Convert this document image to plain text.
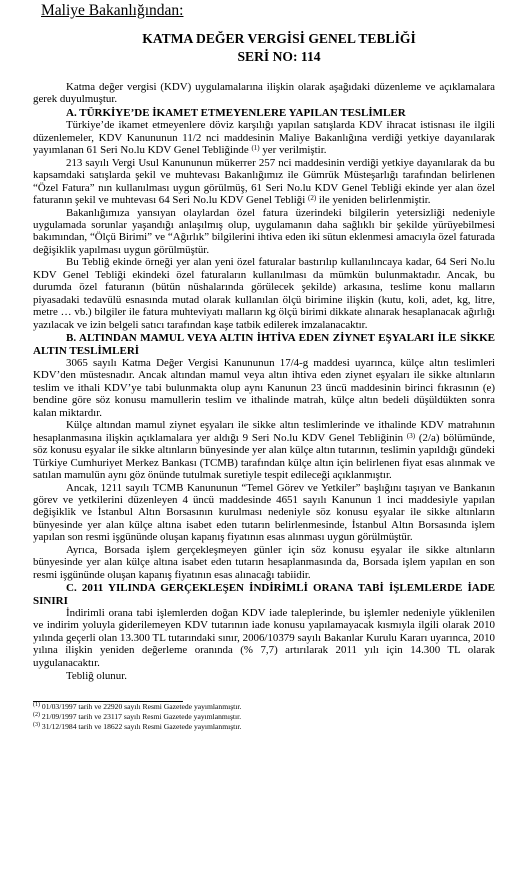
Maliye Bakanlığından:
KATMA DEĞER VERGİSİ GENEL TEBLİĞİ
SERİ NO: 114

Katma değer vergisi (KDV) uygulamalarına ilişkin olarak aşağıdaki düzenleme ve açıklamalara gerek duyulmuştur.

A. TÜRKİYE’DE İKAMET ETMEYENLERE YAPILAN TESLİMLER

Türkiye’de ikamet etmeyenlere döviz karşılığı yapılan satışlarda KDV ihracat istisnası ile ilgili düzenlemeler, KDV Kanununun 11/2 nci maddesinin Maliye Bakanlığına verdiği yetkiye dayanılarak yayımlanan 61 Seri No.lu KDV Genel Tebliğinde $^{(1)}$ yer verilmiştir.

213 sayılı Vergi Usul Kanununun mükerrer 257 nci maddesinin verdiği yetkiye dayanılarak da bu kapsamdaki satışlarda şekil ve muhtevası Bakanlığımız ile Gümrük Müsteşarlığı tarafından belirlenen “Özel Fatura” nın kullanılması uygun görülmüş, 61 Seri No.lu KDV Genel Tebliği ekinde yer alan özel faturanın şekil ve muhtevası 64 Seri No.lu KDV Genel Tebliği $^{(2)}$ ile yeniden belirlenmiştir.

Bakanlığımıza yansıyan olaylardan özel fatura üzerindeki bilgilerin yetersizliği nedeniyle uygulamada sorunlar yaşandığı anlaşılmış olup, uygulamanın daha sağlıklı bir şekilde yürüyebilmesi bakımından, “Ölçü Birimi” ve “Ağırlık” bilgilerini ihtiva eden iki sütun eklenmesi amacıyla özel faturada değişiklik yapılması uygun görülmüştür.

Bu Tebliğ ekinde örneği yer alan yeni özel faturalar bastırılıp kullanılıncaya kadar, 64 Seri No.lu KDV Genel Tebliği ekindeki özel faturaların kullanılması da mümkün bulunmaktadır. Ancak, bu durumda özel faturanın (bütün nüshalarında görülecek şekilde) arkasına, teslime konu malların piyasadaki tedavülü esnasında mutad olarak kullanılan ölçü birimine ilişkin (kutu, koli, adet, kg, litre, metre … vb.) bilgiler ile fatura muhteviyatı malların kg ölçü birimi dikkate alınarak hesaplanacak ağırlığı yazılacak ve izin belgeli satıcı tarafından kaşe tatbik edilerek imzalanacaktır.

B. ALTINDAN MAMUL VEYA ALTIN İHTİVA EDEN ZİYNET EŞYALARI İLE SİKKE ALTIN TESLİMLERİ

3065 sayılı Katma Değer Vergisi Kanununun 17/4-g maddesi uyarınca, külçe altın teslimleri KDV’den müstesnadır. Ancak altından mamul veya altın ihtiva eden ziynet eşyaları ile sikke altınların teslim ve ithali KDV’ye tabi bulunmakta olup aynı Kanunun 23 üncü maddesinin birinci fıkrasının (e) bendine göre söz konusu mamullerin teslim ve ithalinde matrah, külçe altın bedeli düşüldükten sonra kalan miktardır.

Külçe altından mamul ziynet eşyaları ile sikke altın teslimlerinde ve ithalinde KDV matrahının hesaplanmasına ilişkin açıklamalara yer aldığı 9 Seri No.lu KDV Genel Tebliğinin $^{(3)}$ (2/a) bölümünde, söz konusu eşyalar ile sikke altınların bünyesinde yer alan külçe altın tutarının, teslimin yapıldığı gündeki Türkiye Cumhuriyet Merkez Bankası (TCMB) tarafından külçe altın için belirlenen fiyat esas alınmak ve satılan mamulün aynı göz önünde tutulmak suretiyle tespit edileceği açıklanmıştır.

Ancak, 1211 sayılı TCMB Kanununun “Temel Görev ve Yetkiler” başlığını taşıyan ve Bankanın görev ve yetkilerini düzenleyen 4 üncü maddesinde 4651 sayılı Kanunun 1 inci maddesiyle yapılan değişiklik ve İstanbul Altın Borsasının kurulması nedeniyle söz konusu eşyalar ile sikke altınların bünyesinde yer alan külçe altına isabet eden tutarın belirlenmesinde, İstanbul Altın Borsasında işlem yapılan son resmi işgününde oluşan kapanış fiyatının esas alınması uygun görülmüştür.

Ayrıca, Borsada işlem gerçekleşmeyen günler için söz konusu eşyalar ile sikke altınların bünyesinde yer alan külçe altına isabet eden tutarın hesaplanmasında da, Borsada işlem yapılan en son resmi işgününde oluşan kapanış fiyatının esas alınacağı tabiidir.

C. 2011 YILINDA GERÇEKLEŞEN İNDİRİMLİ ORANA TABİ İŞLEMLERDE İADE SINIRI

İndirimli orana tabi işlemlerden doğan KDV iade taleplerinde, bu işlemler nedeniyle yüklenilen ve indirim yoluyla giderilemeyen KDV tutarının iade konusu yapılamayacak kısmıyla ilgili olarak 2010 yılında geçerli olan 13.300 TL tutarındaki sınır, 2006/10379 sayılı Bakanlar Kurulu Kararı uyarınca, 2010 yılına ilişkin yeniden değerleme oranında (% 7,7) artırılarak 2011 yılı için 14.300 TL olarak uygulanacaktır.

Tebliğ olunur.

$^{(1)}$ 01/03/1997 tarih ve 22920 sayılı Resmi Gazetede yayımlanmıştır.
$^{(2)}$ 21/09/1997 tarih ve 23117 sayılı Resmi Gazetede yayımlanmıştır.
$^{(3)}$ 31/12/1984 tarih ve 18622 sayılı Resmi Gazetede yayımlanmıştır.
